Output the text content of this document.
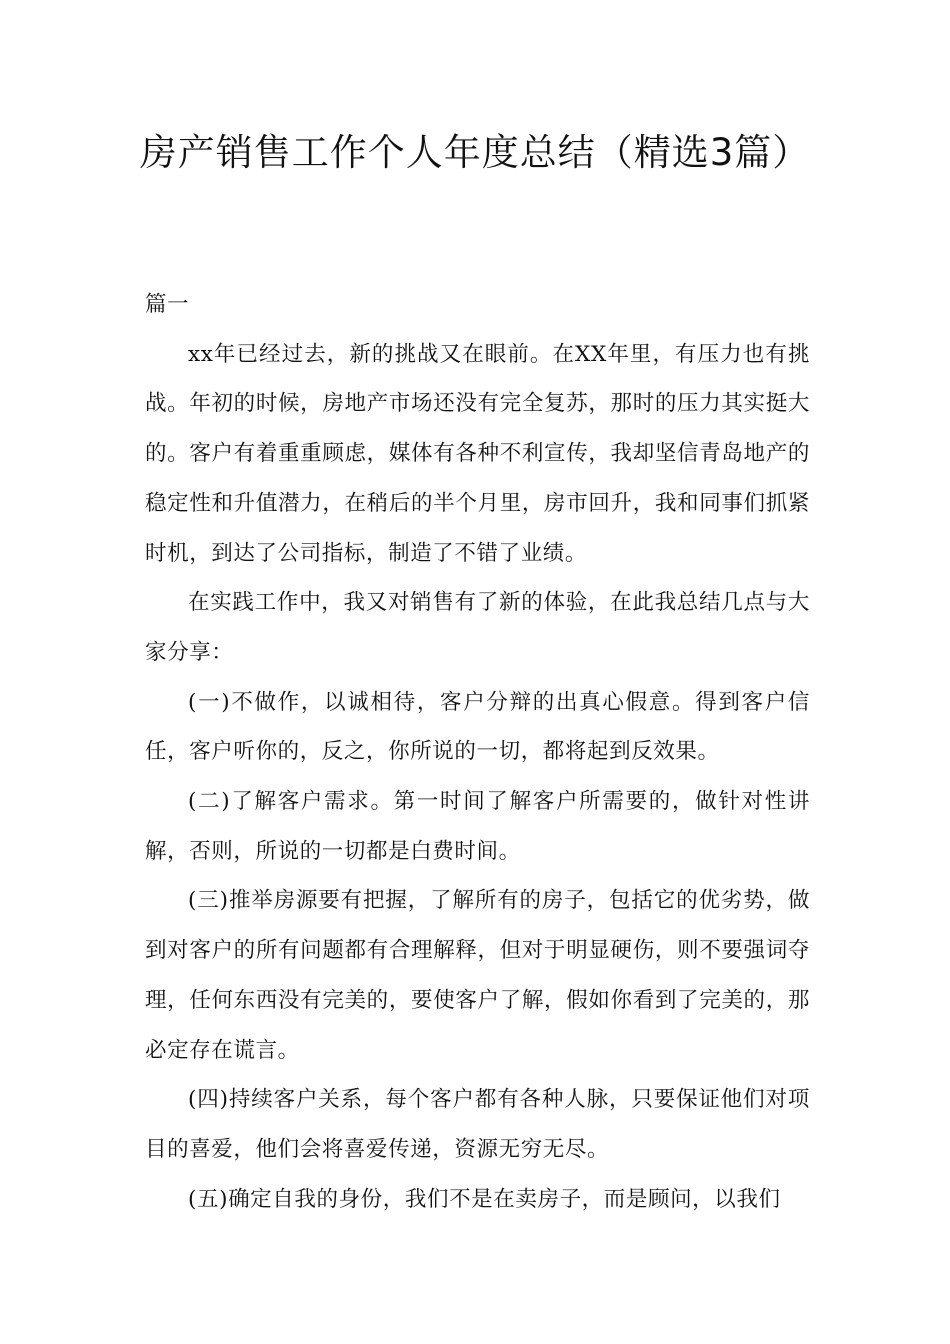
房产销售工作个人年度总结（精选3篇）

篇一

xx年已经过去，新的挑战又在眼前。在XX年里，有压力也有挑战。年初的时候，房地产市场还没有完全复苏，那时的压力其实挺大的。客户有着重重顾虑，媒体有各种不利宣传，我却坚信青岛地产的稳定性和升值潜力，在稍后的半个月里，房市回升，我和同事们抓紧时机，到达了公司指标，制造了不错了业绩。

在实践工作中，我又对销售有了新的体验，在此我总结几点与大家分享：

(一)不做作，以诚相待，客户分辩的出真心假意。得到客户信任，客户听你的，反之，你所说的一切，都将起到反效果。

(二)了解客户需求。第一时间了解客户所需要的，做针对性讲解，否则，所说的一切都是白费时间。

(三)推举房源要有把握，了解所有的房子，包括它的优劣势，做到对客户的所有问题都有合理解释，但对于明显硬伤，则不要强词夺理，任何东西没有完美的，要使客户了解，假如你看到了完美的，那必定存在谎言。

(四)持续客户关系，每个客户都有各种人脉，只要保证他们对项目的喜爱，他们会将喜爱传递，资源无穷无尽。

(五)确定自我的身份，我们不是在卖房子，而是顾问，以我们
